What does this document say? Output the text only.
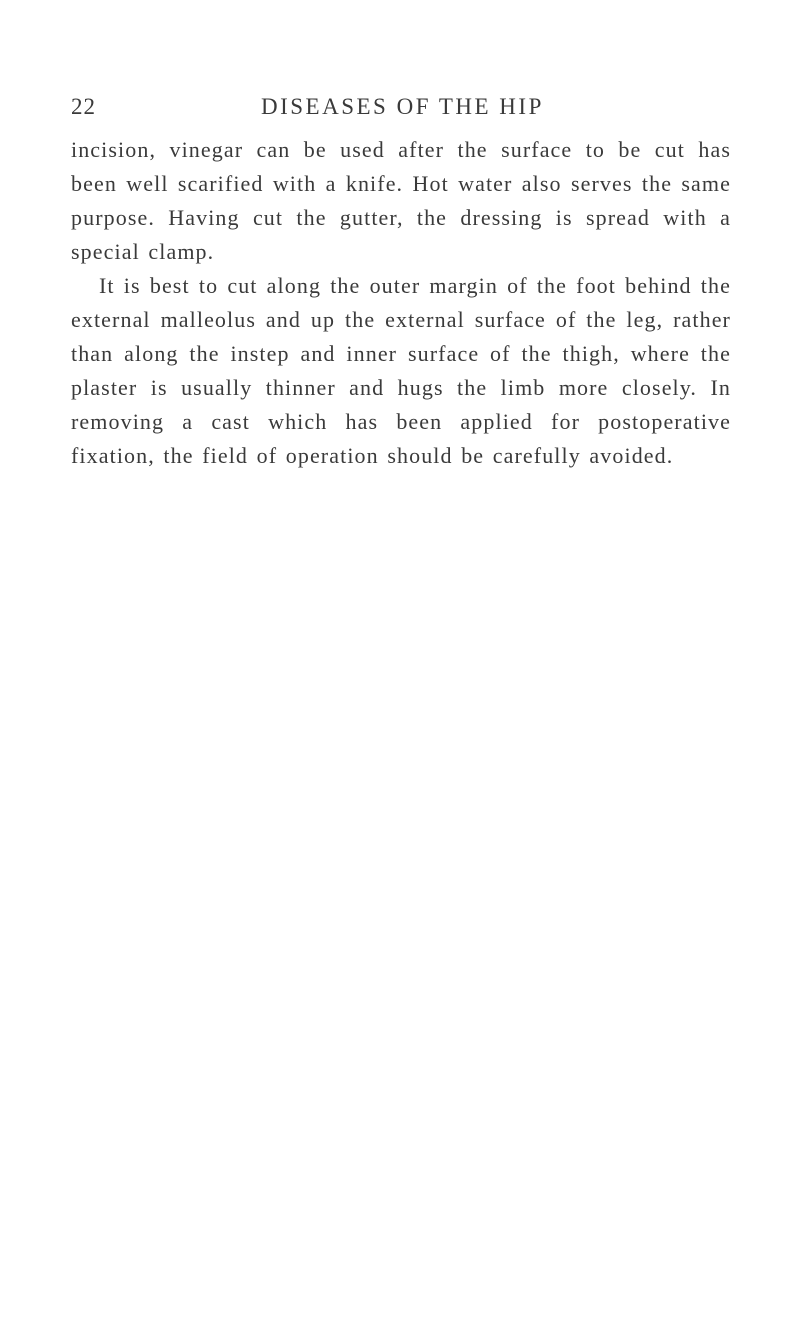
22	DISEASES OF THE HIP

incision, vinegar can be used after the surface to be cut has been well scarified with a knife. Hot water also serves the same purpose. Having cut the gutter, the dressing is spread with a special clamp.

It is best to cut along the outer margin of the foot behind the external malleolus and up the external surface of the leg, rather than along the instep and inner surface of the thigh, where the plaster is usually thinner and hugs the limb more closely. In removing a cast which has been applied for postoperative fixation, the field of operation should be carefully avoided.
